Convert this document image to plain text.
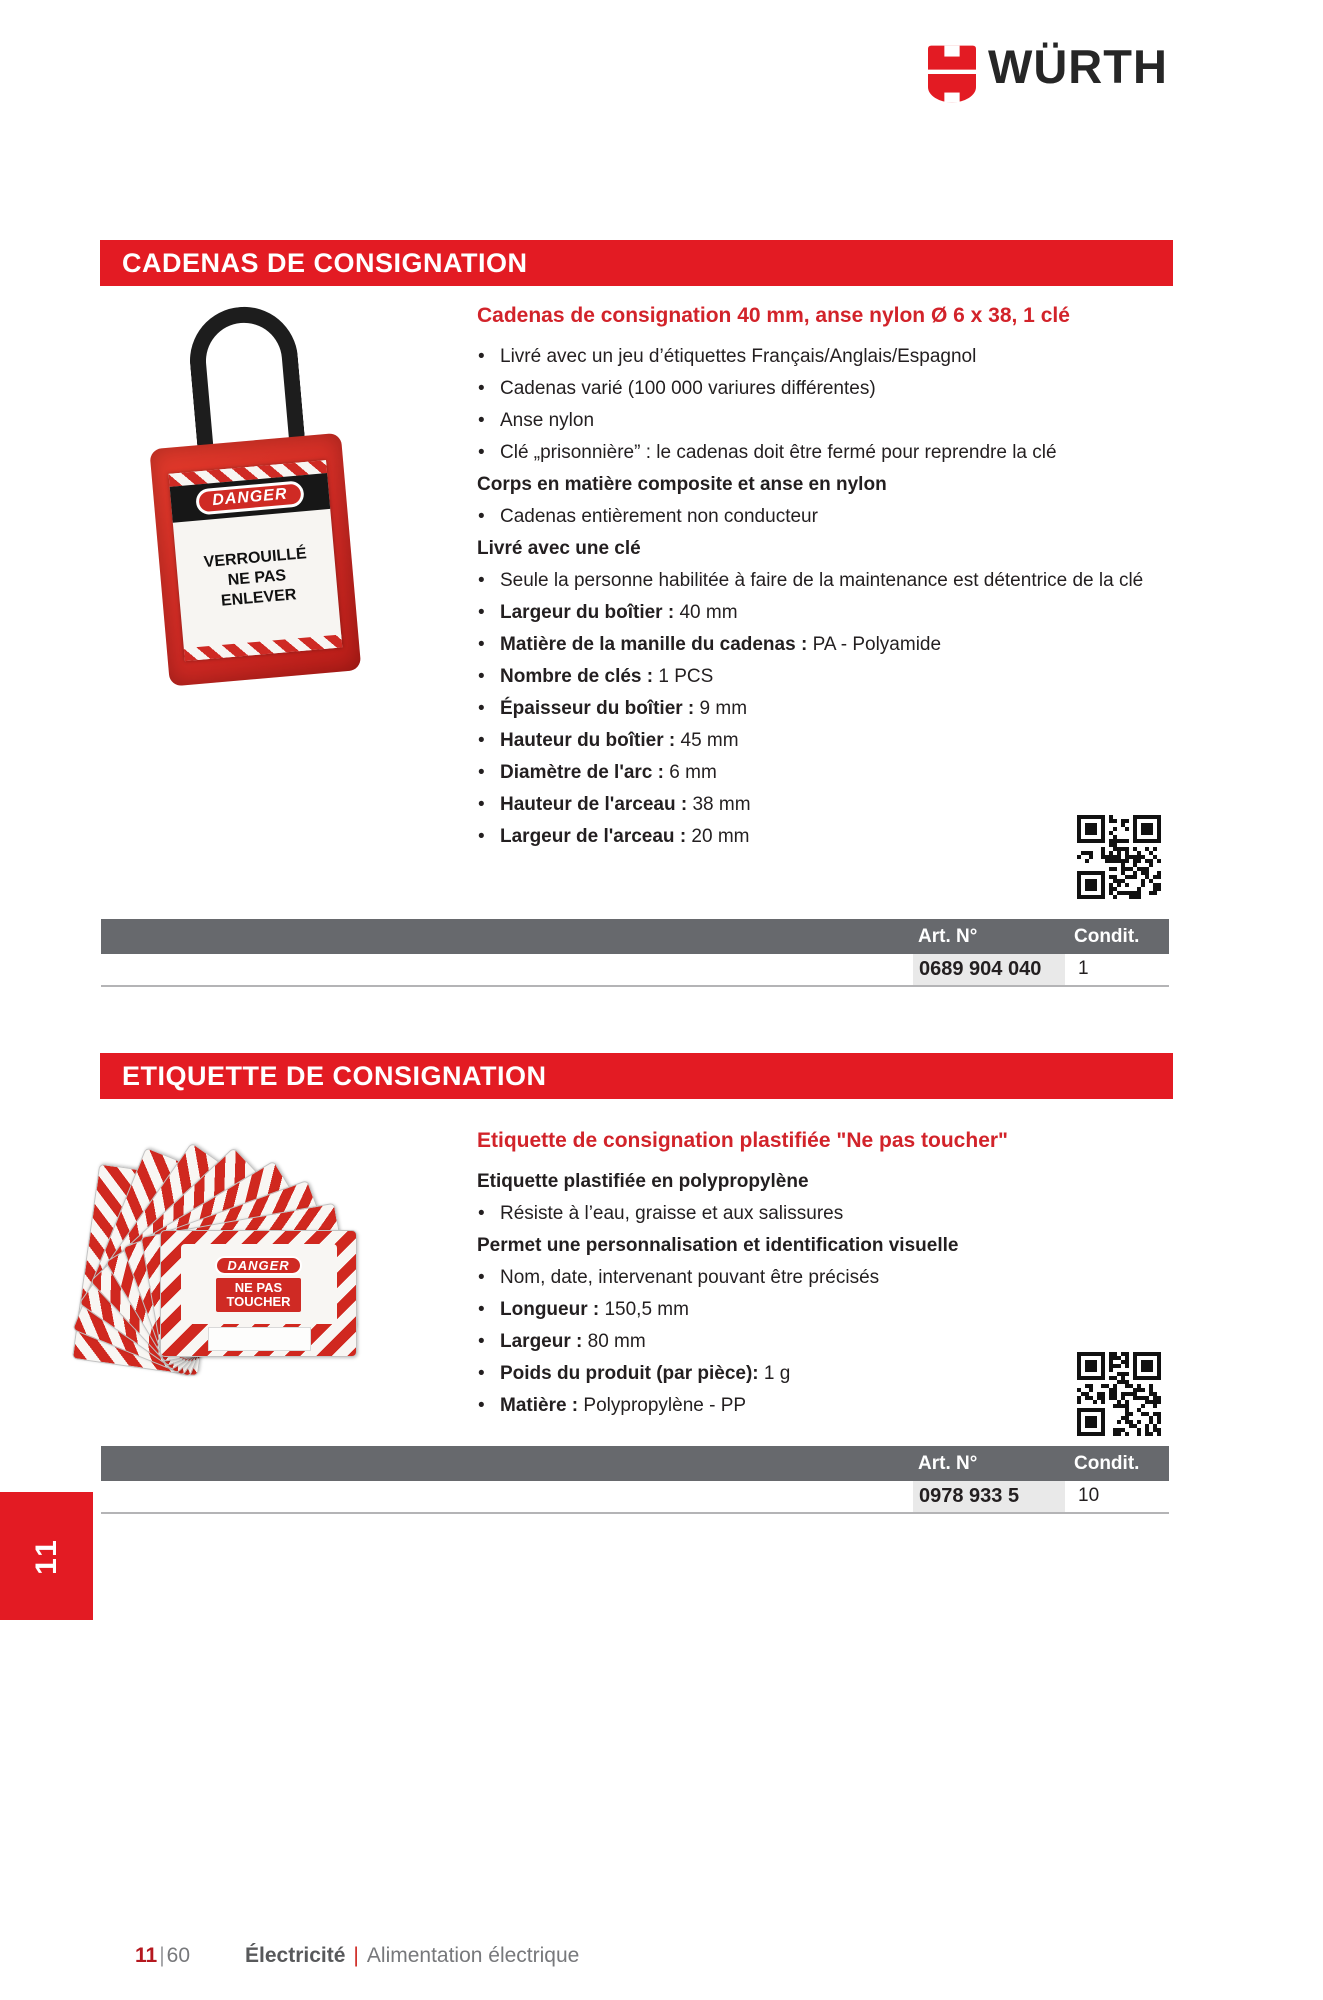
WÜRTH
CADENAS DE CONSIGNATION
DANGER
VERROUILLÉ
NE PAS
ENLEVER
Cadenas de consignation 40 mm, anse nylon Ø 6 x 38, 1 clé
• Livré avec un jeu d’étiquettes Français/Anglais/Espagnol
• Cadenas varié (100 000 variures différentes)
• Anse nylon
• Clé „prisonnière” : le cadenas doit être fermé pour reprendre la clé
Corps en matière composite et anse en nylon
• Cadenas entièrement non conducteur
Livré avec une clé
• Seule la personne habilitée à faire de la maintenance est détentrice de la clé
• Largeur du boîtier : 40 mm
• Matière de la manille du cadenas : PA - Polyamide
• Nombre de clés : 1 PCS
• Épaisseur du boîtier : 9 mm
• Hauteur du boîtier : 45 mm
• Diamètre de l'arc : 6 mm
• Hauteur de l'arceau : 38 mm
• Largeur de l'arceau : 20 mm
Art. N°	Condit.
0689 904 040	1
ETIQUETTE DE CONSIGNATION
DANGER
NE PAS
TOUCHER
Etiquette de consignation plastifiée "Ne pas toucher"
Etiquette plastifiée en polypropylène
• Résiste à l’eau, graisse et aux salissures
Permet une personnalisation et identification visuelle
• Nom, date, intervenant pouvant être précisés
• Longueur : 150,5 mm
• Largeur : 80 mm
• Poids du produit (par pièce): 1 g
• Matière : Polypropylène - PP
Art. N°	Condit.
0978 933 5	10
11
11|60	Électricité | Alimentation électrique
